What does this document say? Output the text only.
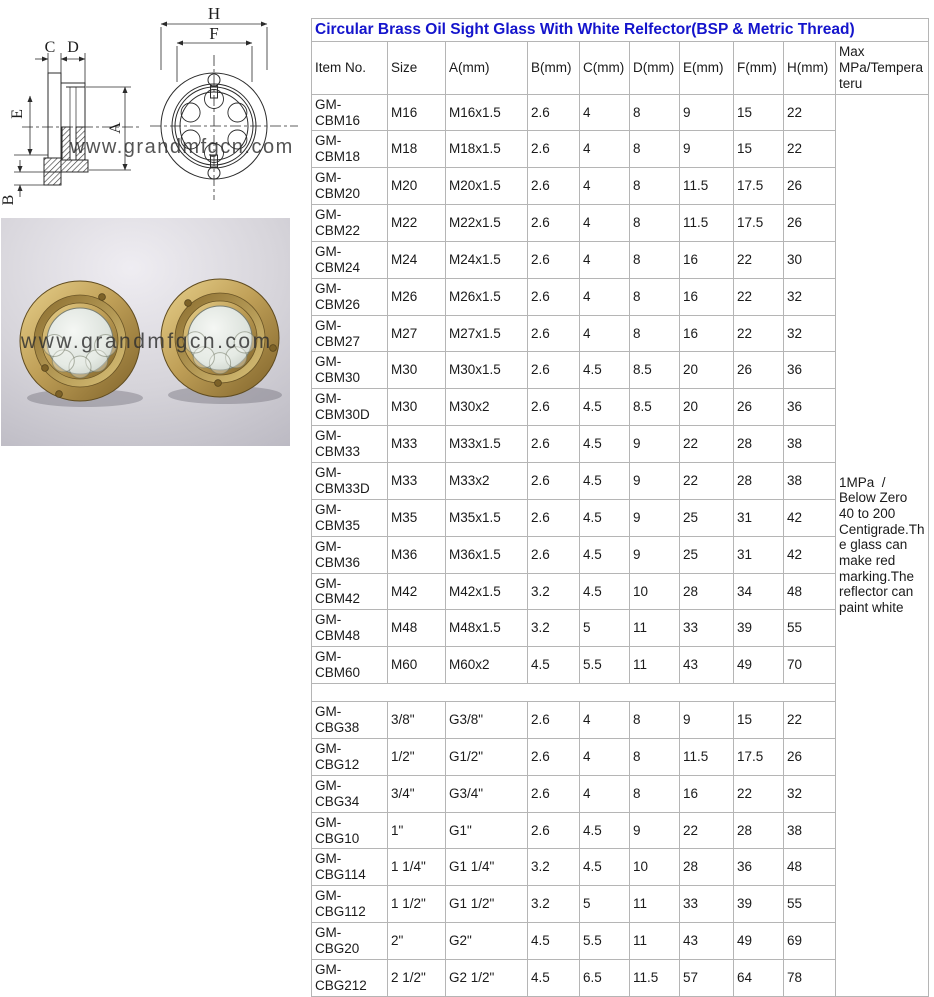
C D
E
A
B
H
F
www.grandmfgcn.com
www.grandmfgcn.com
Circular Brass Oil Sight Glass With White Relfector(BSP & Metric Thread)									
Item No.	Size	A(mm)	B(mm)	C(mm)	D(mm)	E(mm)	F(mm)	H(mm)	Max MPa/Temperateru
GM-CBM16	M16	M16x1.5	2.6	4	8	9	15	22	1MPa  / Below Zero 40 to 200 Centigrade.The glass can make red marking.The reflector can paint white
GM-CBM18	M18	M18x1.5	2.6	4	8	9	15	22	
GM-CBM20	M20	M20x1.5	2.6	4	8	11.5	17.5	26	
GM-CBM22	M22	M22x1.5	2.6	4	8	11.5	17.5	26	
GM-CBM24	M24	M24x1.5	2.6	4	8	16	22	30	
GM-CBM26	M26	M26x1.5	2.6	4	8	16	22	32	
GM-CBM27	M27	M27x1.5	2.6	4	8	16	22	32	
GM-CBM30	M30	M30x1.5	2.6	4.5	8.5	20	26	36	
GM-CBM30D	M30	M30x2	2.6	4.5	8.5	20	26	36	
GM-CBM33	M33	M33x1.5	2.6	4.5	9	22	28	38	
GM-CBM33D	M33	M33x2	2.6	4.5	9	22	28	38	
GM-CBM35	M35	M35x1.5	2.6	4.5	9	25	31	42	
GM-CBM36	M36	M36x1.5	2.6	4.5	9	25	31	42	
GM-CBM42	M42	M42x1.5	3.2	4.5	10	28	34	48	
GM-CBM48	M48	M48x1.5	3.2	5	11	33	39	55	
GM-CBM60	M60	M60x2	4.5	5.5	11	43	49	70	

GM-CBG38	3/8"	G3/8"	2.6	4	8	9	15	22	
GM-CBG12	1/2"	G1/2"	2.6	4	8	11.5	17.5	26	
GM-CBG34	3/4"	G3/4"	2.6	4	8	16	22	32	
GM-CBG10	1"	G1"	2.6	4.5	9	22	28	38	
GM-CBG114	1 1/4"	G1 1/4"	3.2	4.5	10	28	36	48	
GM-CBG112	1 1/2"	G1 1/2"	3.2	5	11	33	39	55	
GM-CBG20	2"	G2"	4.5	5.5	11	43	49	69	
GM-CBG212	2 1/2"	G2 1/2"	4.5	6.5	11.5	57	64	78	
